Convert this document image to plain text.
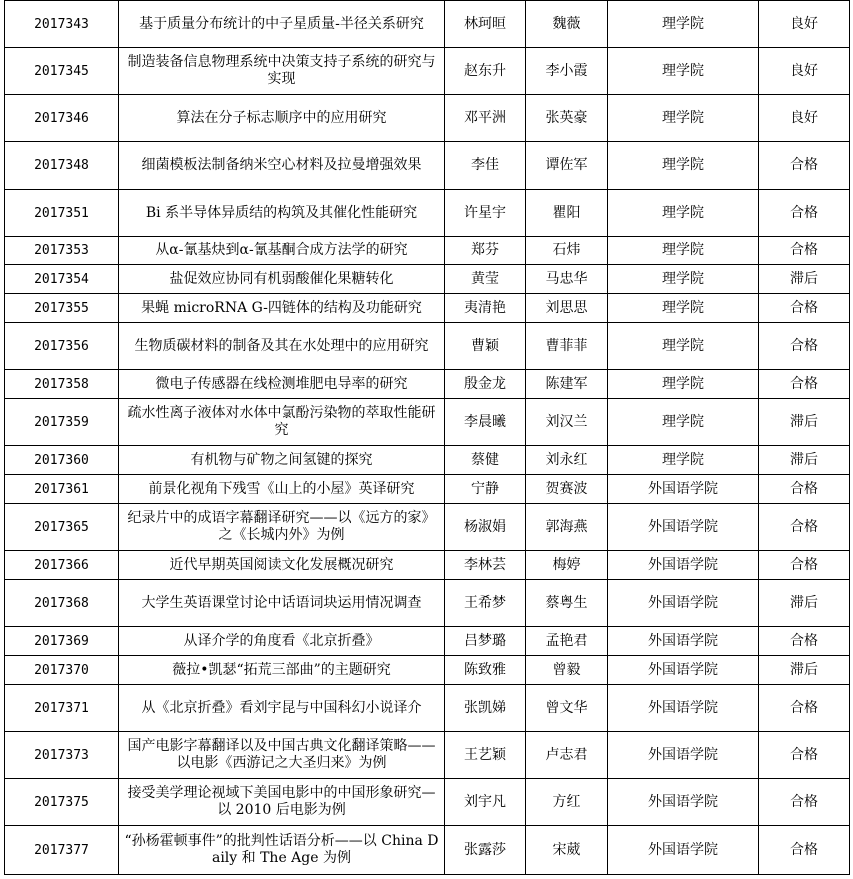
2017343	基于质量分布统计的中子星质量-半径关系研究	林珂晅	魏薇	理学院	良好
2017345	制造装备信息物理系统中决策支持子系统的研究与实现	赵东升	李小霞	理学院	良好
2017346	算法在分子标志顺序中的应用研究	邓平洲	张英豪	理学院	良好
2017348	细菌模板法制备纳米空心材料及拉曼增强效果	李佳	谭佐军	理学院	合格
2017351	Bi 系半导体异质结的构筑及其催化性能研究	许星宇	瞿阳	理学院	合格
2017353	从α-氰基炔到α-氰基酮合成方法学的研究	郑芬	石炜	理学院	合格
2017354	盐促效应协同有机弱酸催化果糖转化	黄莹	马忠华	理学院	滞后
2017355	果蝇 microRNA G-四链体的结构及功能研究	夷清艳	刘思思	理学院	合格
2017356	生物质碳材料的制备及其在水处理中的应用研究	曹颖	曹菲菲	理学院	合格
2017358	微电子传感器在线检测堆肥电导率的研究	殷金龙	陈建军	理学院	合格
2017359	疏水性离子液体对水体中氯酚污染物的萃取性能研究	李晨曦	刘汉兰	理学院	滞后
2017360	有机物与矿物之间氢键的探究	蔡健	刘永红	理学院	滞后
2017361	前景化视角下残雪《山上的小屋》英译研究	宁静	贺赛波	外国语学院	合格
2017365	纪录片中的成语字幕翻译研究——以《远方的家》之《长城内外》为例	杨淑娟	郭海燕	外国语学院	合格
2017366	近代早期英国阅读文化发展概况研究	李林芸	梅婷	外国语学院	合格
2017368	大学生英语课堂讨论中话语词块运用情况调查	王希梦	蔡粤生	外国语学院	滞后
2017369	从译介学的角度看《北京折叠》	吕梦璐	孟艳君	外国语学院	合格
2017370	薇拉•凯瑟“拓荒三部曲”的主题研究	陈致雅	曾毅	外国语学院	滞后
2017371	从《北京折叠》看刘宇昆与中国科幻小说译介	张凯娣	曾文华	外国语学院	合格
2017373	国产电影字幕翻译以及中国古典文化翻译策略——以电影《西游记之大圣归来》为例	王艺颖	卢志君	外国语学院	合格
2017375	接受美学理论视域下美国电影中的中国形象研究—以 2010 后电影为例	刘宇凡	方红	外国语学院	合格
2017377	“孙杨霍顿事件”的批判性话语分析——以 China Daily 和 The Age 为例	张露莎	宋葳	外国语学院	合格
